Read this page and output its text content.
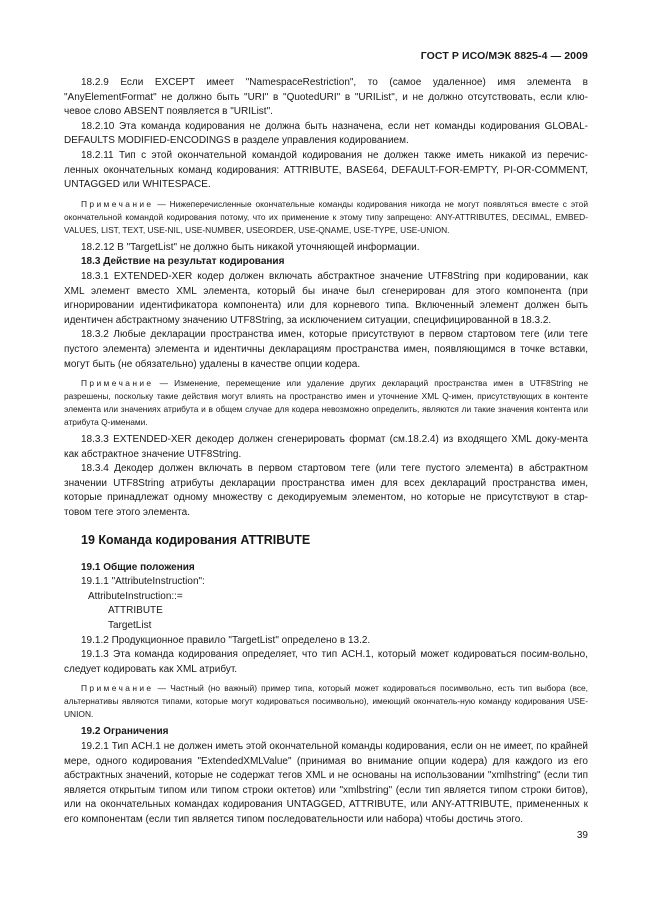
ГОСТ Р ИСО/МЭК 8825-4 — 2009

18.2.9 Если EXCEPT имеет "NamespaceRestriction", то (самое удаленное) имя элемента в "AnyElementFormat" не должно быть "URI" в "QuotedURI" в "URIList", и не должно отсутствовать, если клю-чевое слово ABSENT появляется в "URIList".

18.2.10 Эта команда кодирования не должна быть назначена, если нет команды кодирования GLOBAL-DEFAULTS MODIFIED-ENCODINGS в разделе управления кодированием.

18.2.11 Тип с этой окончательной командой кодирования не должен также иметь никакой из перечис-ленных окончательных команд кодирования: ATTRIBUTE, BASE64, DEFAULT-FOR-EMPTY, PI-OR-COMMENT, UNTAGGED или WHITESPACE.

Примечание — Нижеперечисленные окончательные команды кодирования никогда не могут появляться вместе с этой окончательной командой кодирования потому, что их применение к этому типу запрещено: ANY-ATTRIBUTES, DECIMAL, EMBED-VALUES, LIST, TEXT, USE-NIL, USE-NUMBER, USEORDER, USE-QNAME, USE-TYPE, USE-UNION.

18.2.12 В "TargetList" не должно быть никакой уточняющей информации.

18.3 Действие на результат кодирования

18.3.1 EXTENDED-XER кодер должен включать абстрактное значение UTF8String при кодировании, как XML элемент вместо XML элемента, который бы иначе был сгенерирован для этого компонента (при игнорировании идентификатора компонента) или для корневого типа. Включенный элемент должен быть идентичен абстрактному значению UTF8String, за исключением ситуации, специфицированной в 18.3.2.

18.3.2 Любые декларации пространства имен, которые присутствуют в первом стартовом теге (или теге пустого элемента) элемента и идентичны декларациям пространства имен, появляющимся в точке вставки, могут быть (не обязательно) удалены в качестве опции кодера.

Примечание — Изменение, перемещение или удаление других деклараций пространства имен в UTF8String не разрешены, поскольку такие действия могут влиять на пространство имен и уточнение XML Q-имен, присутствующих в контенте элемента или значениях атрибута и в общем случае для кодера невозможно определить, являются ли такие значения контента или атрибута Q-именами.

18.3.3 EXTENDED-XER декодер должен сгенерировать формат (см.18.2.4) из входящего XML доку-мента как абстрактное значение UTF8String.

18.3.4 Декодер должен включать в первом стартовом теге (или теге пустого элемента) в абстрактном значении UTF8String атрибуты декларации пространства имен для всех деклараций пространства имен, которые принадлежат одному множеству с декодируемым элементом, но которые не присутствуют в стар-товом теге этого элемента.

19 Команда кодирования ATTRIBUTE
19.1 Общие положения

19.1.1 "AttributeInstruction":

AttributeInstruction::=
ATTRIBUTE
TargetList

19.1.2 Продукционное правило "TargetList" определено в 13.2.

19.1.3 Эта команда кодирования определяет, что тип ACH.1, который может кодироваться посим-вольно, следует кодировать как XML атрибут.

Примечание — Частный (но важный) пример типа, который может кодироваться посимвольно, есть тип выбора (все, альтернативы являются типами, которые могут кодироваться посимвольно), имеющий окончатель-ную команду кодирования USE-UNION.

19.2 Ограничения

19.2.1 Тип ACH.1 не должен иметь этой окончательной команды кодирования, если он не имеет, по крайней мере, одного кодирования "ExtendedXMLValue" (принимая во внимание опции кодера) для каждого из его абстрактных значений, которые не содержат тегов XML и не основаны на использовании "xmlhstring" (если тип является открытым типом или типом строки октетов) или "xmlbstring" (если тип является типом строки битов), или на окончательных командах кодирования UNTAGGED, ATTRIBUTE, или ANY-ATTRIBUTE, примененных к его компонентам (если тип является типом последовательности или набора) чтобы достичь этого.

39
